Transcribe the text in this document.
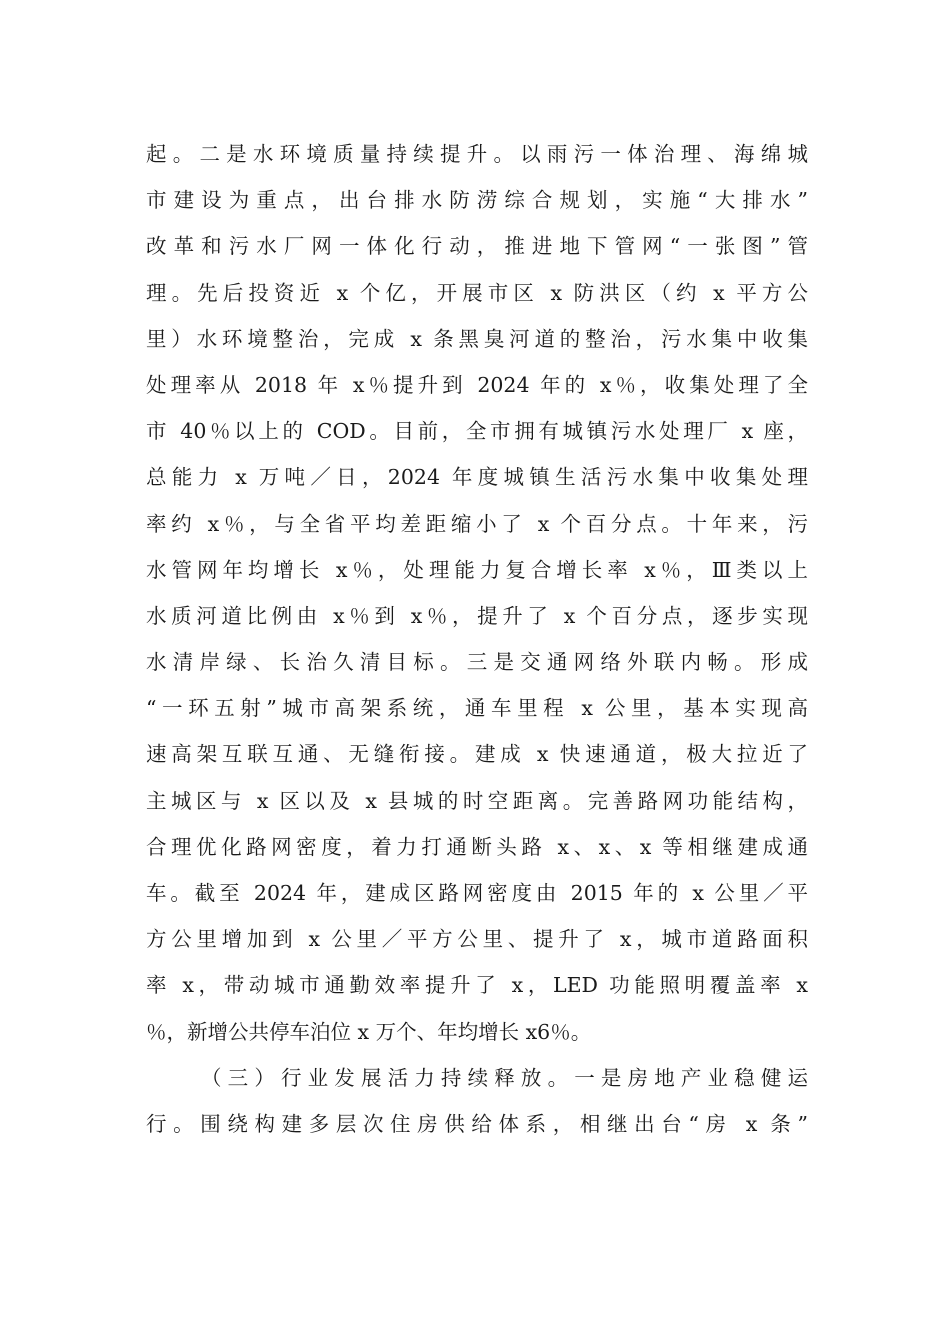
起。二是水环境质量持续提升。以雨污一体治理、海绵城
市建设为重点，出台排水防涝综合规划，实施“大排水”
改革和污水厂网一体化行动，推进地下管网“一张图”管
理。先后投资近 x 个亿，开展市区 x 防洪区（约 x 平方公
里）水环境整治，完成 x 条黑臭河道的整治，污水集中收集
处理率从 2018 年 x％提升到 2024 年的 x％，收集处理了全
市 40％以上的 COD。目前，全市拥有城镇污水处理厂 x 座，
总能力 x 万吨／日，2024 年度城镇生活污水集中收集处理
率约 x％，与全省平均差距缩小了 x 个百分点。十年来，污
水管网年均增长 x％，处理能力复合增长率 x％，Ⅲ类以上
水质河道比例由 x％到 x％，提升了 x 个百分点，逐步实现
水清岸绿、长治久清目标。三是交通网络外联内畅。形成
“一环五射”城市高架系统，通车里程 x 公里，基本实现高
速高架互联互通、无缝衔接。建成 x 快速通道，极大拉近了
主城区与 x 区以及 x 县城的时空距离。完善路网功能结构，
合理优化路网密度，着力打通断头路 x、x、x 等相继建成通
车。截至 2024 年，建成区路网密度由 2015 年的 x 公里／平
方公里增加到 x 公里／平方公里、提升了 x，城市道路面积
率 x，带动城市通勤效率提升了 x，LED 功能照明覆盖率 x
％，新增公共停车泊位 x 万个、年均增长 x6％。
（三）行业发展活力持续释放。一是房地产业稳健运
行。围绕构建多层次住房供给体系，相继出台“房 x 条”
